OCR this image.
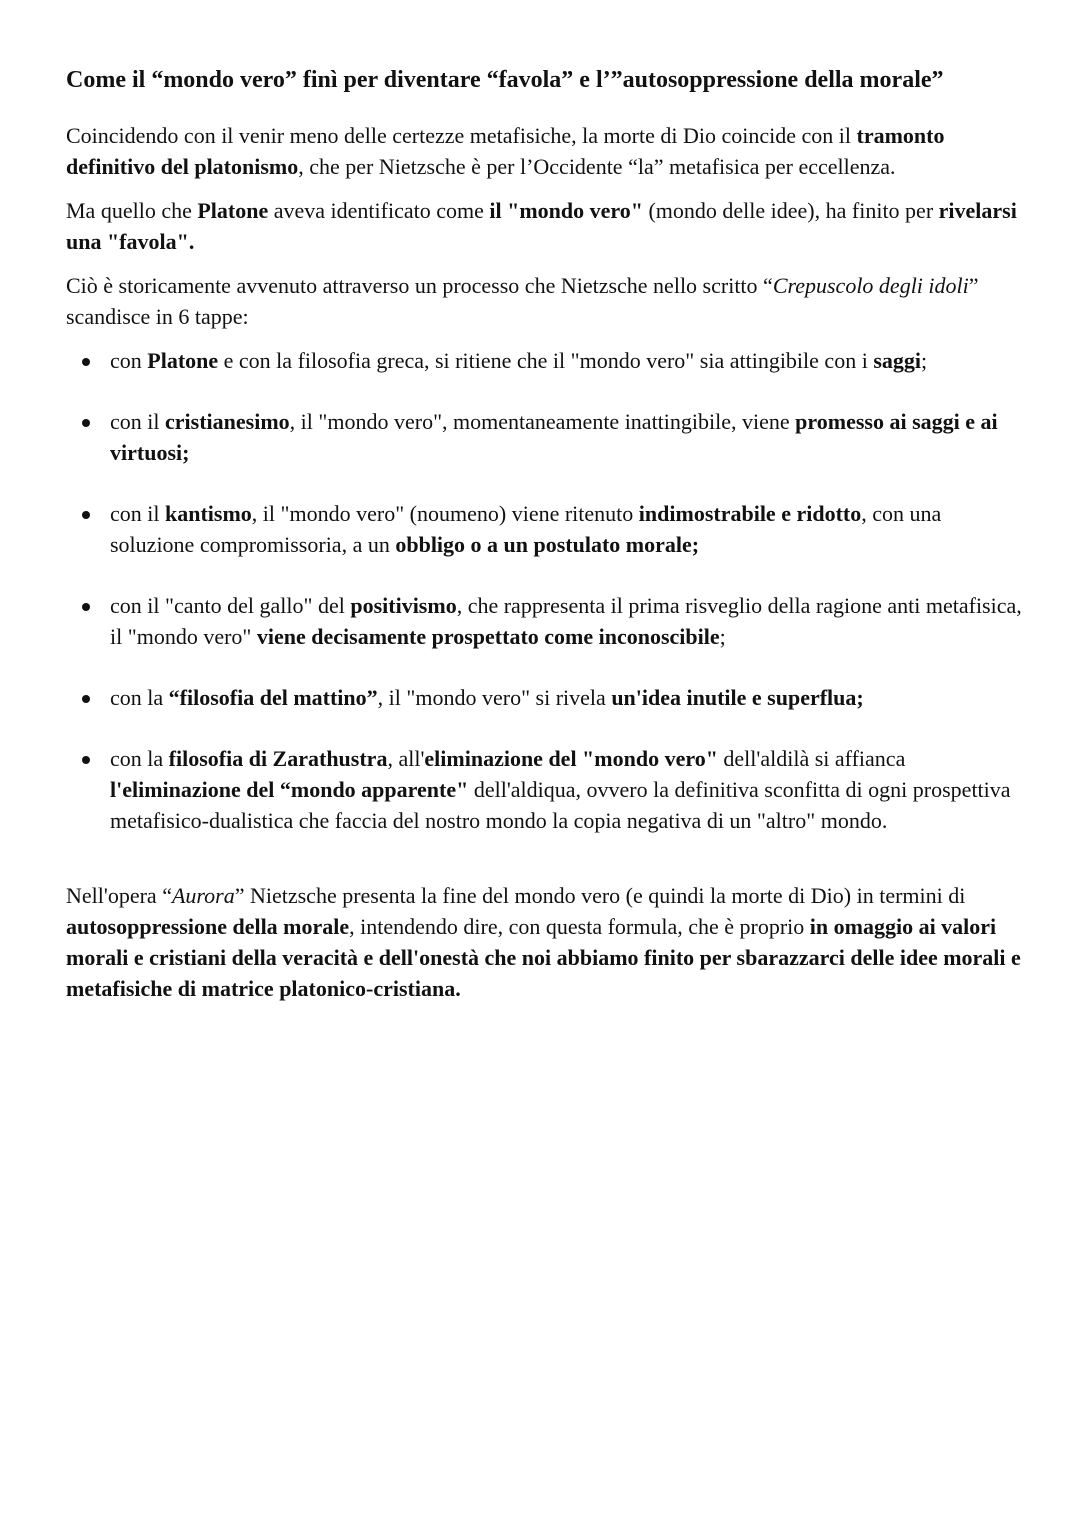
Come il “mondo vero” finì per diventare “favola” e l’”autosoppressione della morale”

Coincidendo con il venir meno delle certezze metafisiche, la morte di Dio coincide con il tramonto definitivo del platonismo, che per Nietzsche è per l’Occidente “la” metafisica per eccellenza.

Ma quello che Platone aveva identificato come il "mondo vero" (mondo delle idee), ha finito per rivelarsi una "favola".

Ciò è storicamente avvenuto attraverso un processo che Nietzsche nello scritto “Crepuscolo degli idoli” scandisce in 6 tappe:

con Platone e con la filosofia greca, si ritiene che il "mondo vero" sia attingibile con i saggi;
con il cristianesimo, il "mondo vero", momentaneamente inattingibile, viene promesso ai saggi e ai virtuosi;
con il kantismo, il "mondo vero" (noumeno) viene ritenuto indimostrabile e ridotto, con una soluzione compromissoria, a un obbligo o a un postulato morale;
con il "canto del gallo" del positivismo, che rappresenta il prima risveglio della ragione anti metafisica, il "mondo vero" viene decisamente prospettato come inconoscibile;
con la “filosofia del mattino”, il "mondo vero" si rivela un'idea inutile e superflua;
con la filosofia di Zarathustra, all'eliminazione del "mondo vero" dell'aldilà si affianca l'eliminazione del “mondo apparente" dell'aldiqua, ovvero la definitiva sconfitta di ogni prospettiva metafisico-dualistica che faccia del nostro mondo la copia negativa di un "altro" mondo.

Nell'opera “Aurora” Nietzsche presenta la fine del mondo vero (e quindi la morte di Dio) in termini di autosoppressione della morale, intendendo dire, con questa formula, che è proprio in omaggio ai valori morali e cristiani della veracità e dell'onestà che noi abbiamo finito per sbarazzarci delle idee morali e metafisiche di matrice platonico-cristiana.
